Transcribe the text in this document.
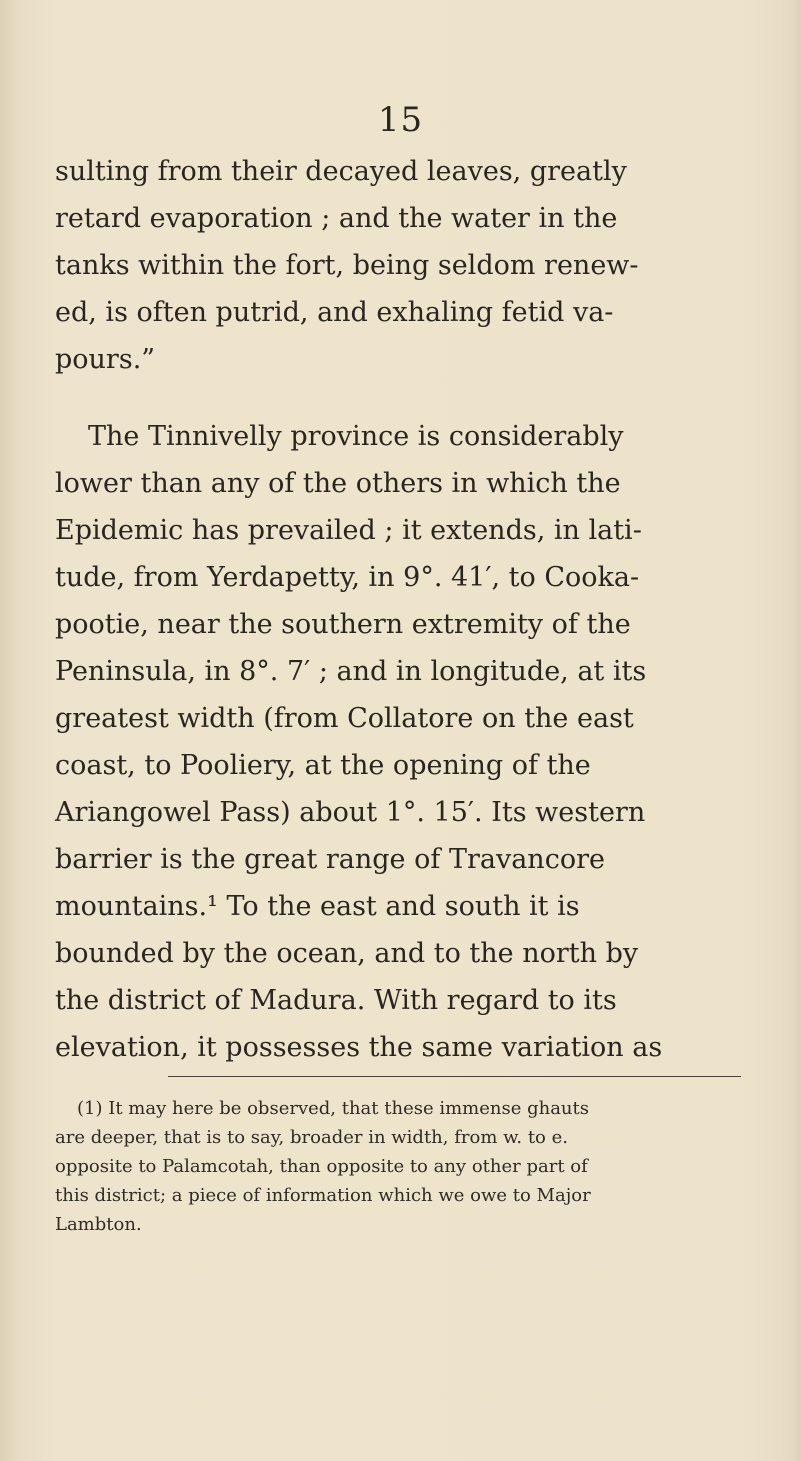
15
sulting from their decayed leaves, greatly
retard evaporation ; and the water in the
tanks within the fort, being seldom renew-
ed, is often putrid, and exhaling fetid va-
pours.”
The Tinnivelly province is considerably
lower than any of the others in which the
Epidemic has prevailed ; it extends, in lati-
tude, from Yerdapetty, in 9°. 41′, to Cooka-
pootie, near the southern extremity of the
Peninsula, in 8°. 7′ ; and in longitude, at its
greatest width (from Collatore on the east
coast, to Pooliery, at the opening of the
Ariangowel Pass) about 1°. 15′. Its western
barrier is the great range of Travancore
mountains.¹ To the east and south it is
bounded by the ocean, and to the north by
the district of Madura. With regard to its
elevation, it possesses the same variation as
(1) It may here be observed, that these immense ghauts
are deeper, that is to say, broader in width, from w. to e.
opposite to Palamcotah, than opposite to any other part of
this district; a piece of information which we owe to Major
Lambton.
